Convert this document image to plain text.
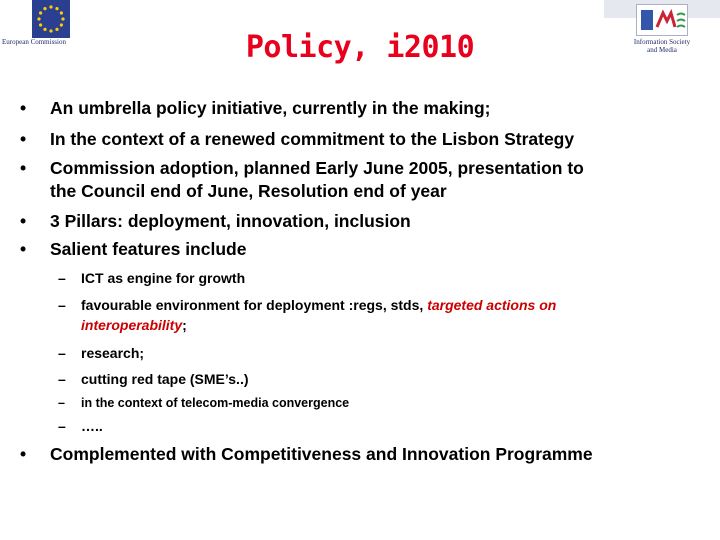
European Commission	Information Society
and Media
Policy, i2010
•	An umbrella policy initiative, currently in the making;
•	In the context of a renewed commitment to the Lisbon Strategy
•	Commission adoption, planned Early June 2005, presentation to
the Council end of June, Resolution end of year
•	3 Pillars: deployment, innovation, inclusion
•	Salient features include
–	ICT as engine for growth
–	favourable environment for deployment :regs, stds, targeted actions on
interoperability;
–	research;
–	cutting red tape (SME’s..)
–	in the context of telecom-media convergence
–	…..
•	Complemented with Competitiveness and Innovation Programme
